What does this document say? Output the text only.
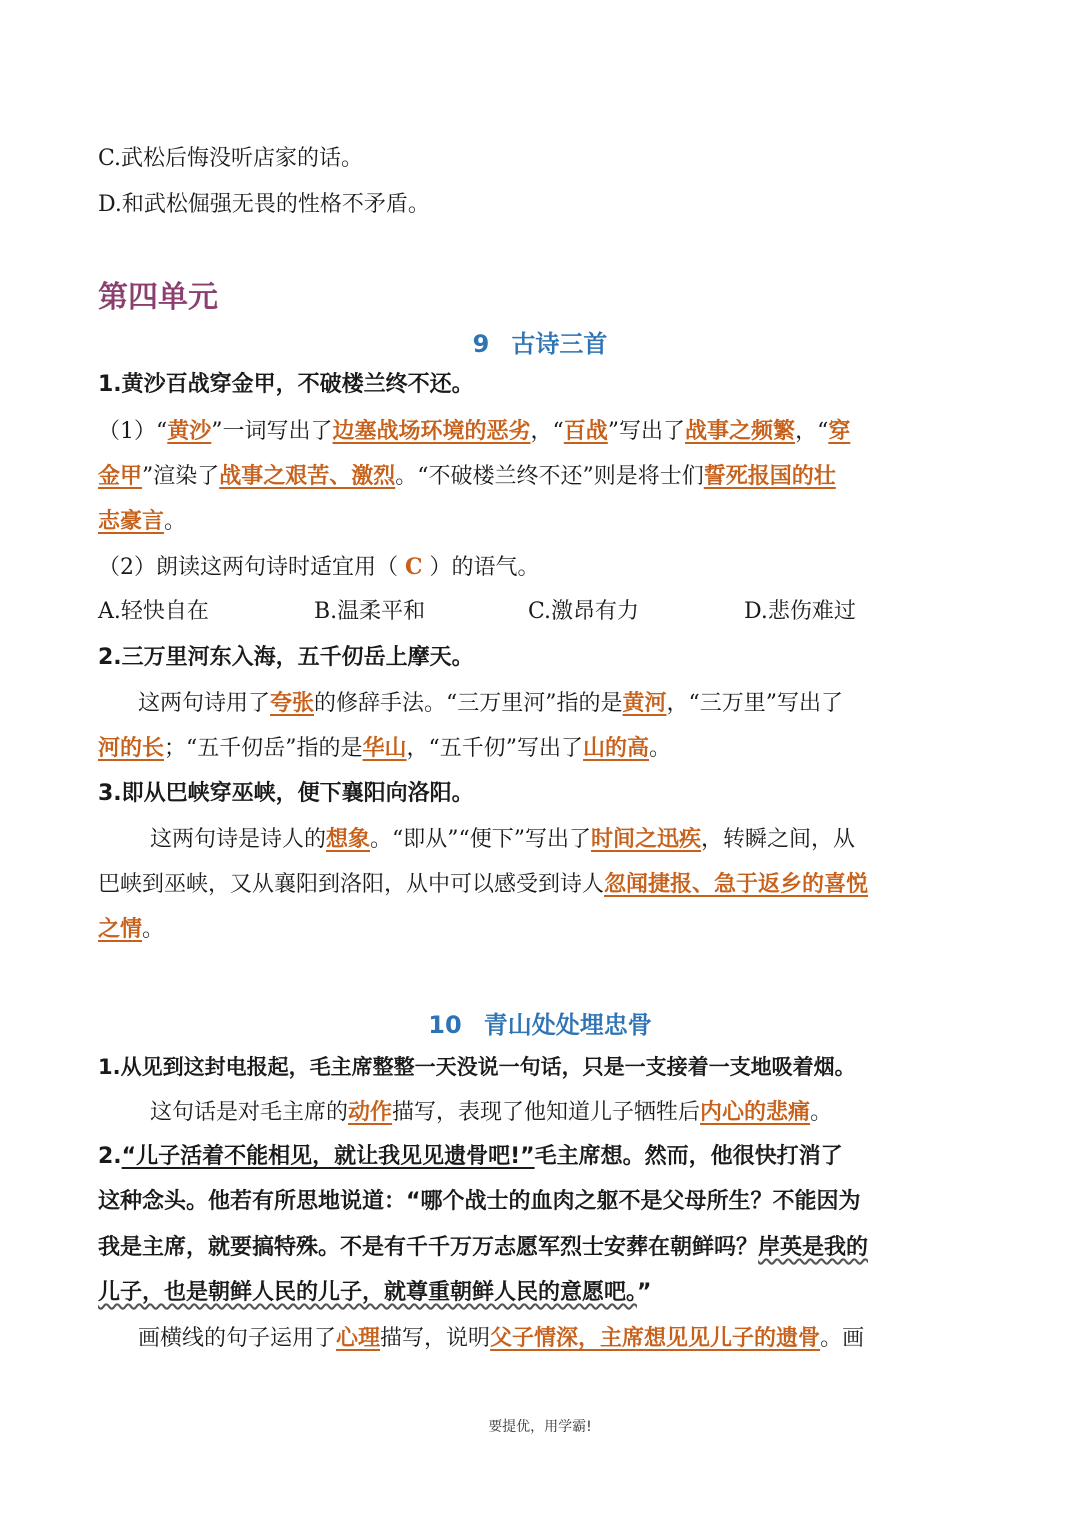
C.武松后悔没听店家的话。
D.和武松倔强无畏的性格不矛盾。
第四单元
9 古诗三首
1.黄沙百战穿金甲，不破楼兰终不还。
（1）“黄沙”一词写出了边塞战场环境的恶劣，“百战”写出了战事之频繁，“穿
金甲”渲染了战事之艰苦、激烈。“不破楼兰终不还”则是将士们誓死报国的壮
志豪言。
（2）朗读这两句诗时适宜用（ C ）的语气。
A.轻快自在	B.温柔平和	C.激昂有力	D.悲伤难过
2.三万里河东入海，五千仞岳上摩天。
这两句诗用了夸张的修辞手法。“三万里河”指的是黄河，“三万里”写出了
河的长；“五千仞岳”指的是华山，“五千仞”写出了山的高。
3.即从巴峡穿巫峡，便下襄阳向洛阳。
这两句诗是诗人的想象。“即从”“便下”写出了时间之迅疾，转瞬之间，从
巴峡到巫峡，又从襄阳到洛阳，从中可以感受到诗人忽闻捷报、急于返乡的喜悦
之情。
10 青山处处埋忠骨
1.从见到这封电报起，毛主席整整一天没说一句话，只是一支接着一支地吸着烟。
这句话是对毛主席的动作描写，表现了他知道儿子牺牲后内心的悲痛。
2.“儿子活着不能相见，就让我见见遗骨吧!”毛主席想。然而，他很快打消了
这种念头。他若有所思地说道：“哪个战士的血肉之躯不是父母所生？不能因为
我是主席，就要搞特殊。不是有千千万万志愿军烈士安葬在朝鲜吗？岸英是我的
儿子，也是朝鲜人民的儿子，就尊重朝鲜人民的意愿吧。”
画横线的句子运用了心理描写，说明父子情深，主席想见见儿子的遗骨。画
要提优，用学霸!
